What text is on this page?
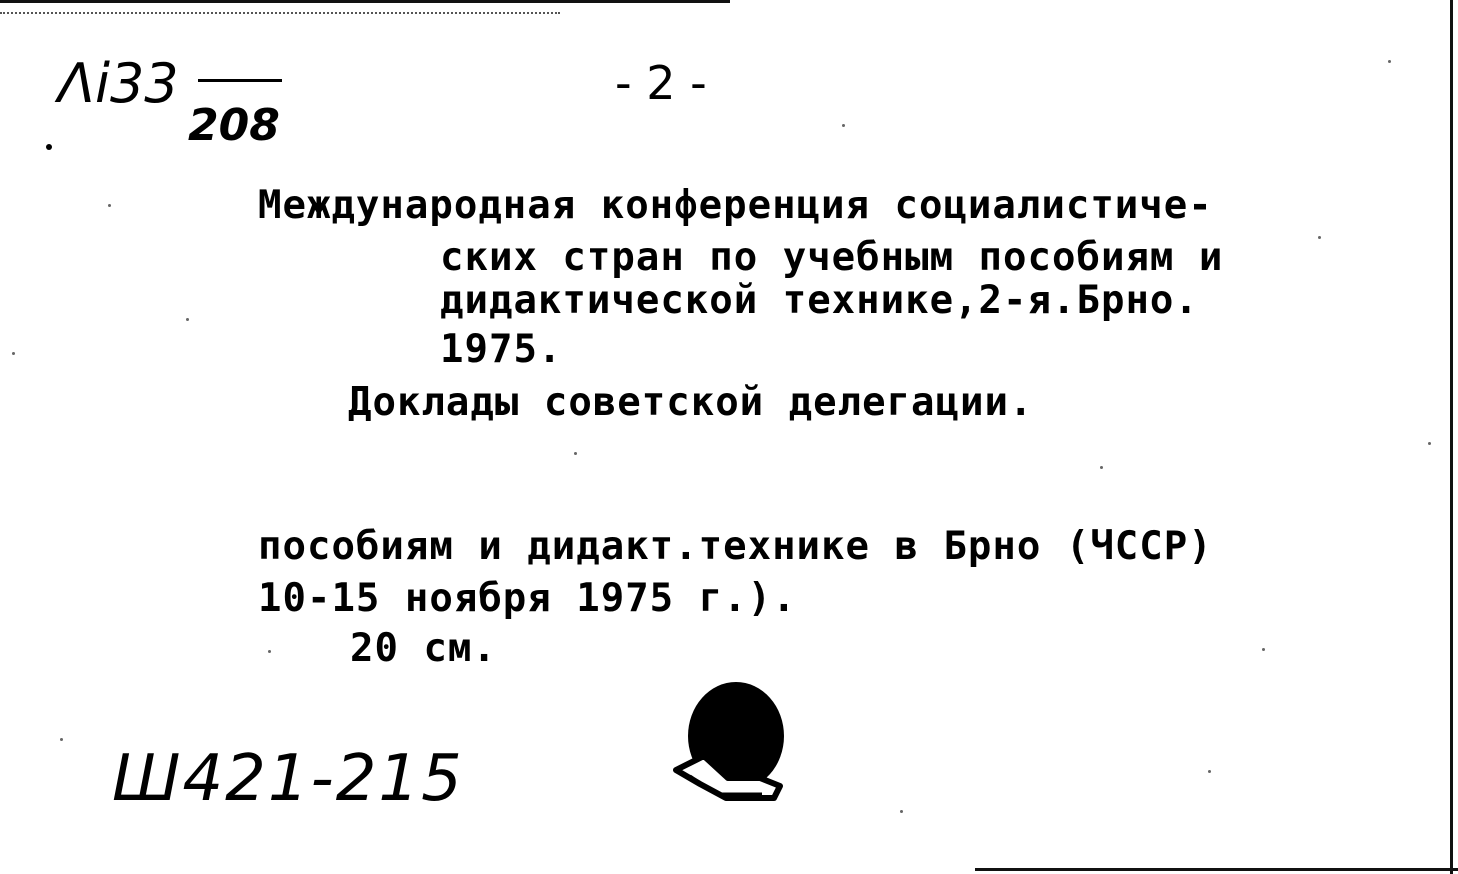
Λi33
208
- 2 -
Международная конференция социалистиче-
ских стран по учебным пособиям и
дидактической технике,2-я.Брно.
1975.
Доклады советской делегации.
пособиям и дидакт.технике в Брно (ЧССР)
10-15 ноября 1975 г.).
20 см.
Ш421-215
